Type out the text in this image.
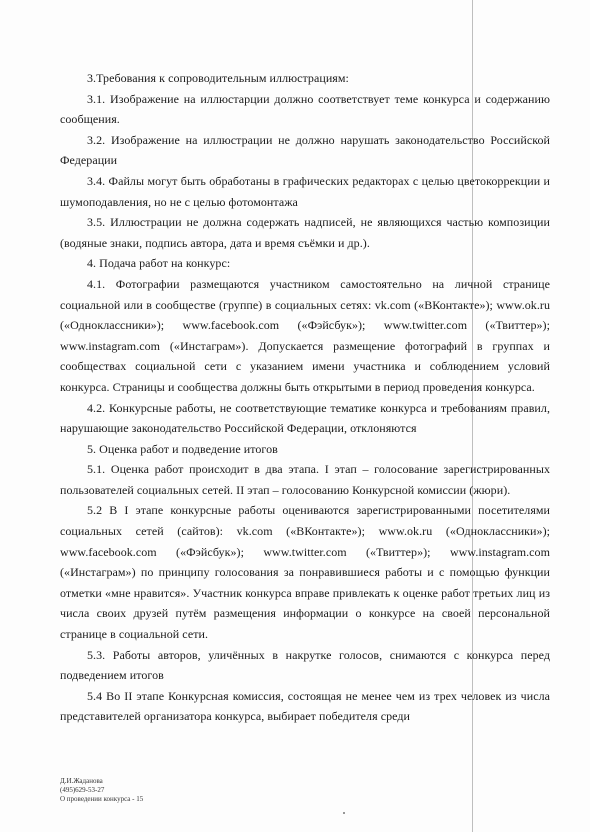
3.Требования к сопроводительным иллюстрациям:

3.1. Изображение на иллюстарции должно соответствует теме конкурса и содержанию сообщения.

3.2. Изображение на иллюстрации не должно нарушать законодательство Российской Федерации

3.4. Файлы могут быть обработаны в графических редакторах с целью цветокоррекции и шумоподавления, но не с целью фотомонтажа

3.5. Иллюстрации не должна содержать надписей, не являющихся частью композиции (водяные знаки, подпись автора, дата и время съёмки и др.).

4. Подача работ на конкурс:

4.1. Фотографии размещаются участником самостоятельно на личной странице социальной или в сообществе (группе) в социальных сетях: vk.com («ВКонтакте»); www.ok.ru («Одноклассники»); www.facebook.com («Фэйсбук»); www.twitter.com («Твиттер»); www.instagram.com («Инстаграм»). Допускается размещение фотографий в группах и сообществах социальной сети с указанием имени участника и соблюдением условий конкурса. Страницы и сообщества должны быть открытыми в период проведения конкурса.

4.2. Конкурсные работы, не соответствующие тематике конкурса и требованиям правил, нарушающие законодательство Российской Федерации, отклоняются

5. Оценка работ и подведение итогов

5.1. Оценка работ происходит в два этапа. I этап – голосование зарегистрированных пользователей социальных сетей. II этап – голосованию Конкурсной комиссии (жюри).

5.2 В I этапе конкурсные работы оцениваются зарегистрированными посетителями социальных сетей (сайтов): vk.com («ВКонтакте»); www.ok.ru («Одноклассники»); www.facebook.com («Фэйсбук»); www.twitter.com («Твиттер»); www.instagram.com («Инстаграм») по принципу голосования за понравившиеся работы и с помощью функции отметки «мне нравится». Участник конкурса вправе привлекать к оценке работ третьих лиц из числа своих друзей путём размещения информации о конкурсе на своей персональной странице в социальной сети.

5.3. Работы авторов, уличённых в накрутке голосов, снимаются с конкурса перед подведением итогов

5.4 Во II этапе Конкурсная комиссия, состоящая не менее чем из трех человек из числа представителей организатора конкурса, выбирает победителя среди

Д.И.Жаданова
(495)629-53-27
О проведении конкурса - 15
